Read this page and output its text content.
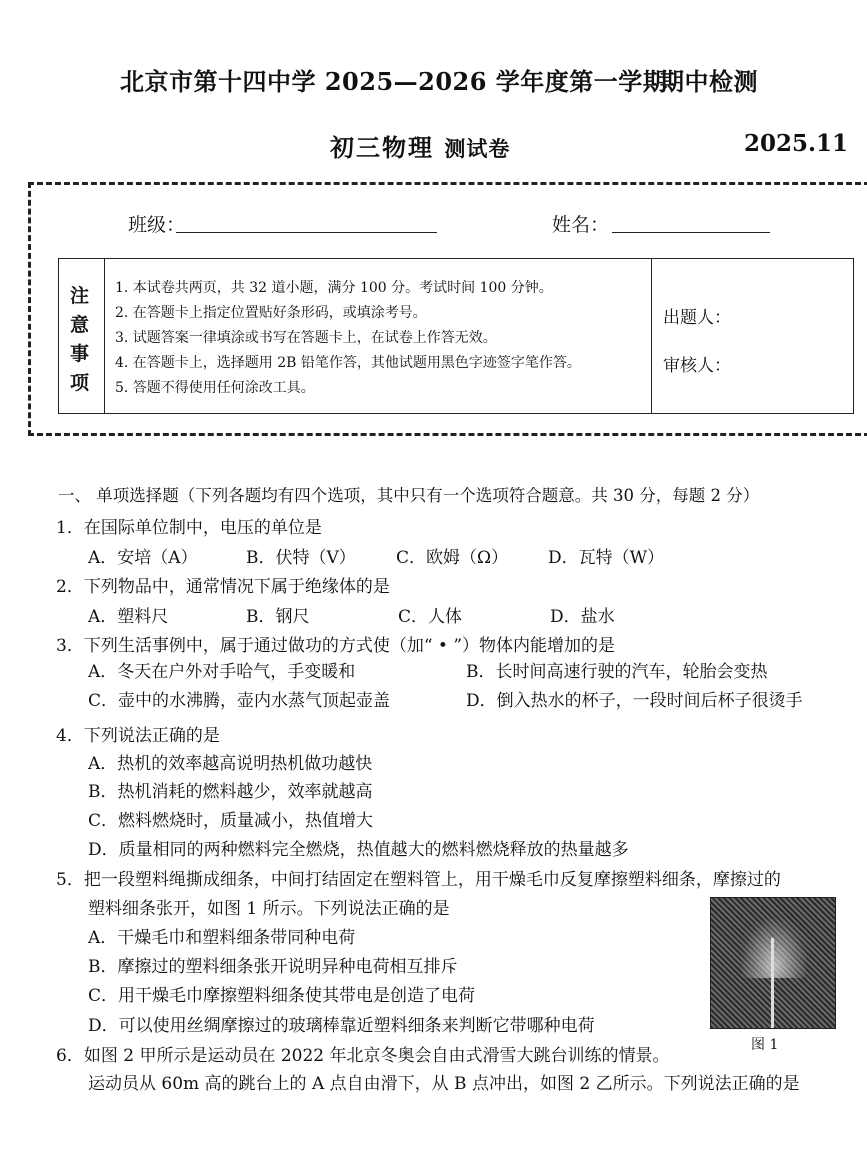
北京市第十四中学 2025—2026 学年度第一学期
期中检测
初三物理 测试卷	2025.11
班级：	姓名：
注
意
事
项
1. 本试卷共两页，共 32 道小题，满分 100 分。考试时间 100 分钟。
2. 在答题卡上指定位置贴好条形码，或填涂考号。
3. 试题答案一律填涂或书写在答题卡上，在试卷上作答无效。
4. 在答题卡上，选择题用 2B 铅笔作答，其他试题用黑色字迹签字笔作答。
5. 答题不得使用任何涂改工具。
出题人：
审核人：
一、 单项选择题（下列各题均有四个选项，其中只有一个选项符合题意。共 30 分，每题 2 分）
1．在国际单位制中，电压的单位是
A．安培（A）	B．伏特（V） C．欧姆（Ω） D．瓦特（W）
2．下列物品中，通常情况下属于绝缘体的是
A．塑料尺	B．钢尺	C．人体	D．盐水
3．下列生活事例中，属于通过做功的方式使（加“ • ”）物体内能增加的是
A．冬天在户外对手哈气，手变暖和	B．长时间高速行驶的汽车，轮胎会变热
C．壶中的水沸腾，壶内水蒸气顶起壶盖	D．倒入热水的杯子，一段时间后杯子很烫手
4．下列说法正确的是
A．热机的效率越高说明热机做功越快
B．热机消耗的燃料越少，效率就越高
C．燃料燃烧时，质量减小，热值增大
D．质量相同的两种燃料完全燃烧，热值越大的燃料燃烧释放的热量越多
5．把一段塑料绳撕成细条，中间打结固定在塑料管上，用干燥毛巾反复摩擦塑料细条，摩擦过的
塑料细条张开，如图 1 所示。下列说法正确的是
A．干燥毛巾和塑料细条带同种电荷
B．摩擦过的塑料细条张开说明异种电荷相互排斥
C．用干燥毛巾摩擦塑料细条使其带电是创造了电荷
D．可以使用丝绸摩擦过的玻璃棒靠近塑料细条来判断它带哪种电荷
图 1
6．如图 2 甲所示是运动员在 2022 年北京冬奥会自由式滑雪大跳台训练的情景。
运动员从 60m 高的跳台上的 A 点自由滑下，从 B 点冲出，如图 2 乙所示。下列说法正确的是
